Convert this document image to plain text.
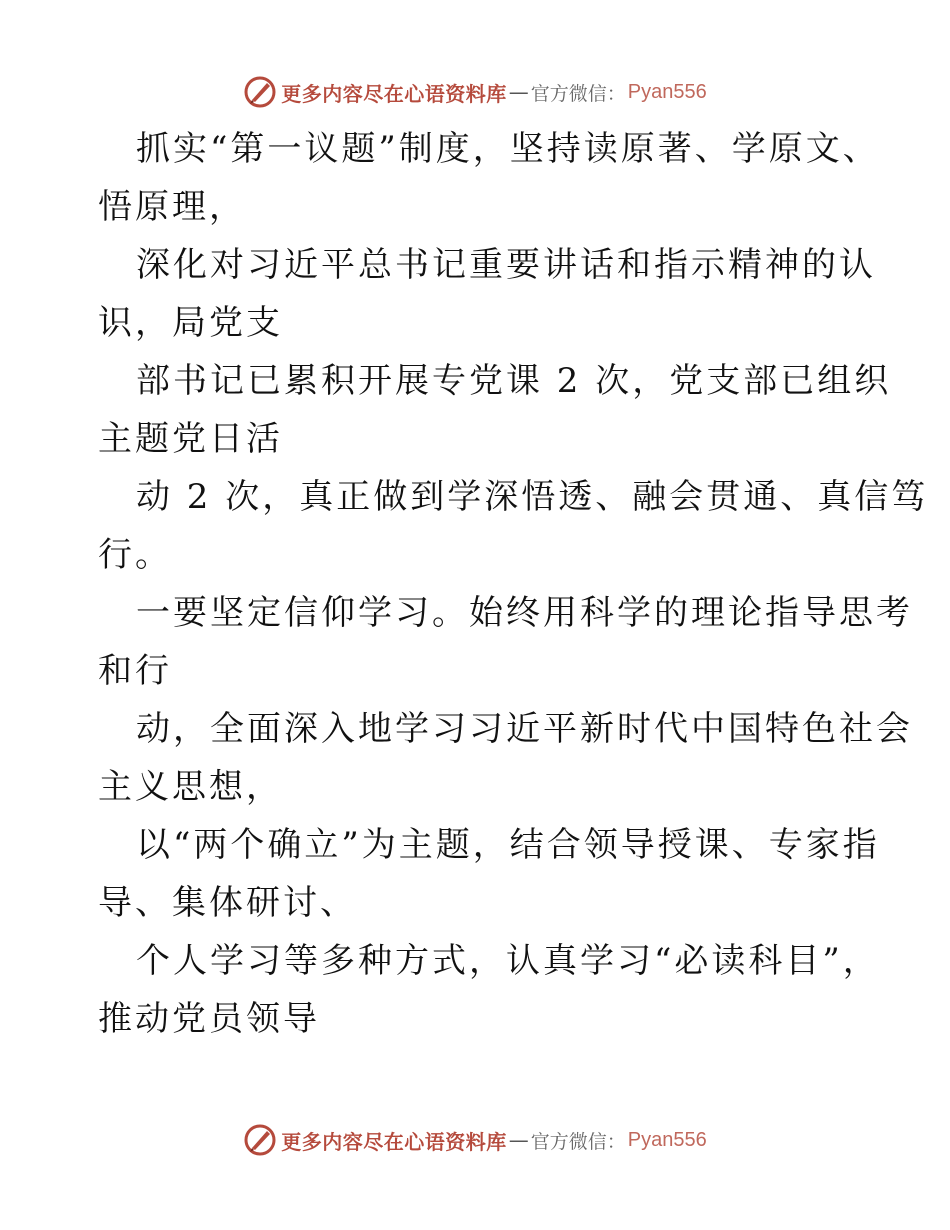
更多内容尽在心语资料库 — 官方微信： Pyan556
抓实“第一议题”制度，坚持读原著、学原文、
悟原理，
深化对习近平总书记重要讲话和指示精神的认
识，局党支
部书记已累积开展专党课 2 次，党支部已组织
主题党日活
动 2 次，真正做到学深悟透、融会贯通、真信笃
行。
一要坚定信仰学习。始终用科学的理论指导思考
和行
动，全面深入地学习习近平新时代中国特色社会
主义思想，
以“两个确立”为主题，结合领导授课、专家指
导、集体研讨、
个人学习等多种方式，认真学习“必读科目”，
推动党员领导
更多内容尽在心语资料库 — 官方微信： Pyan556
